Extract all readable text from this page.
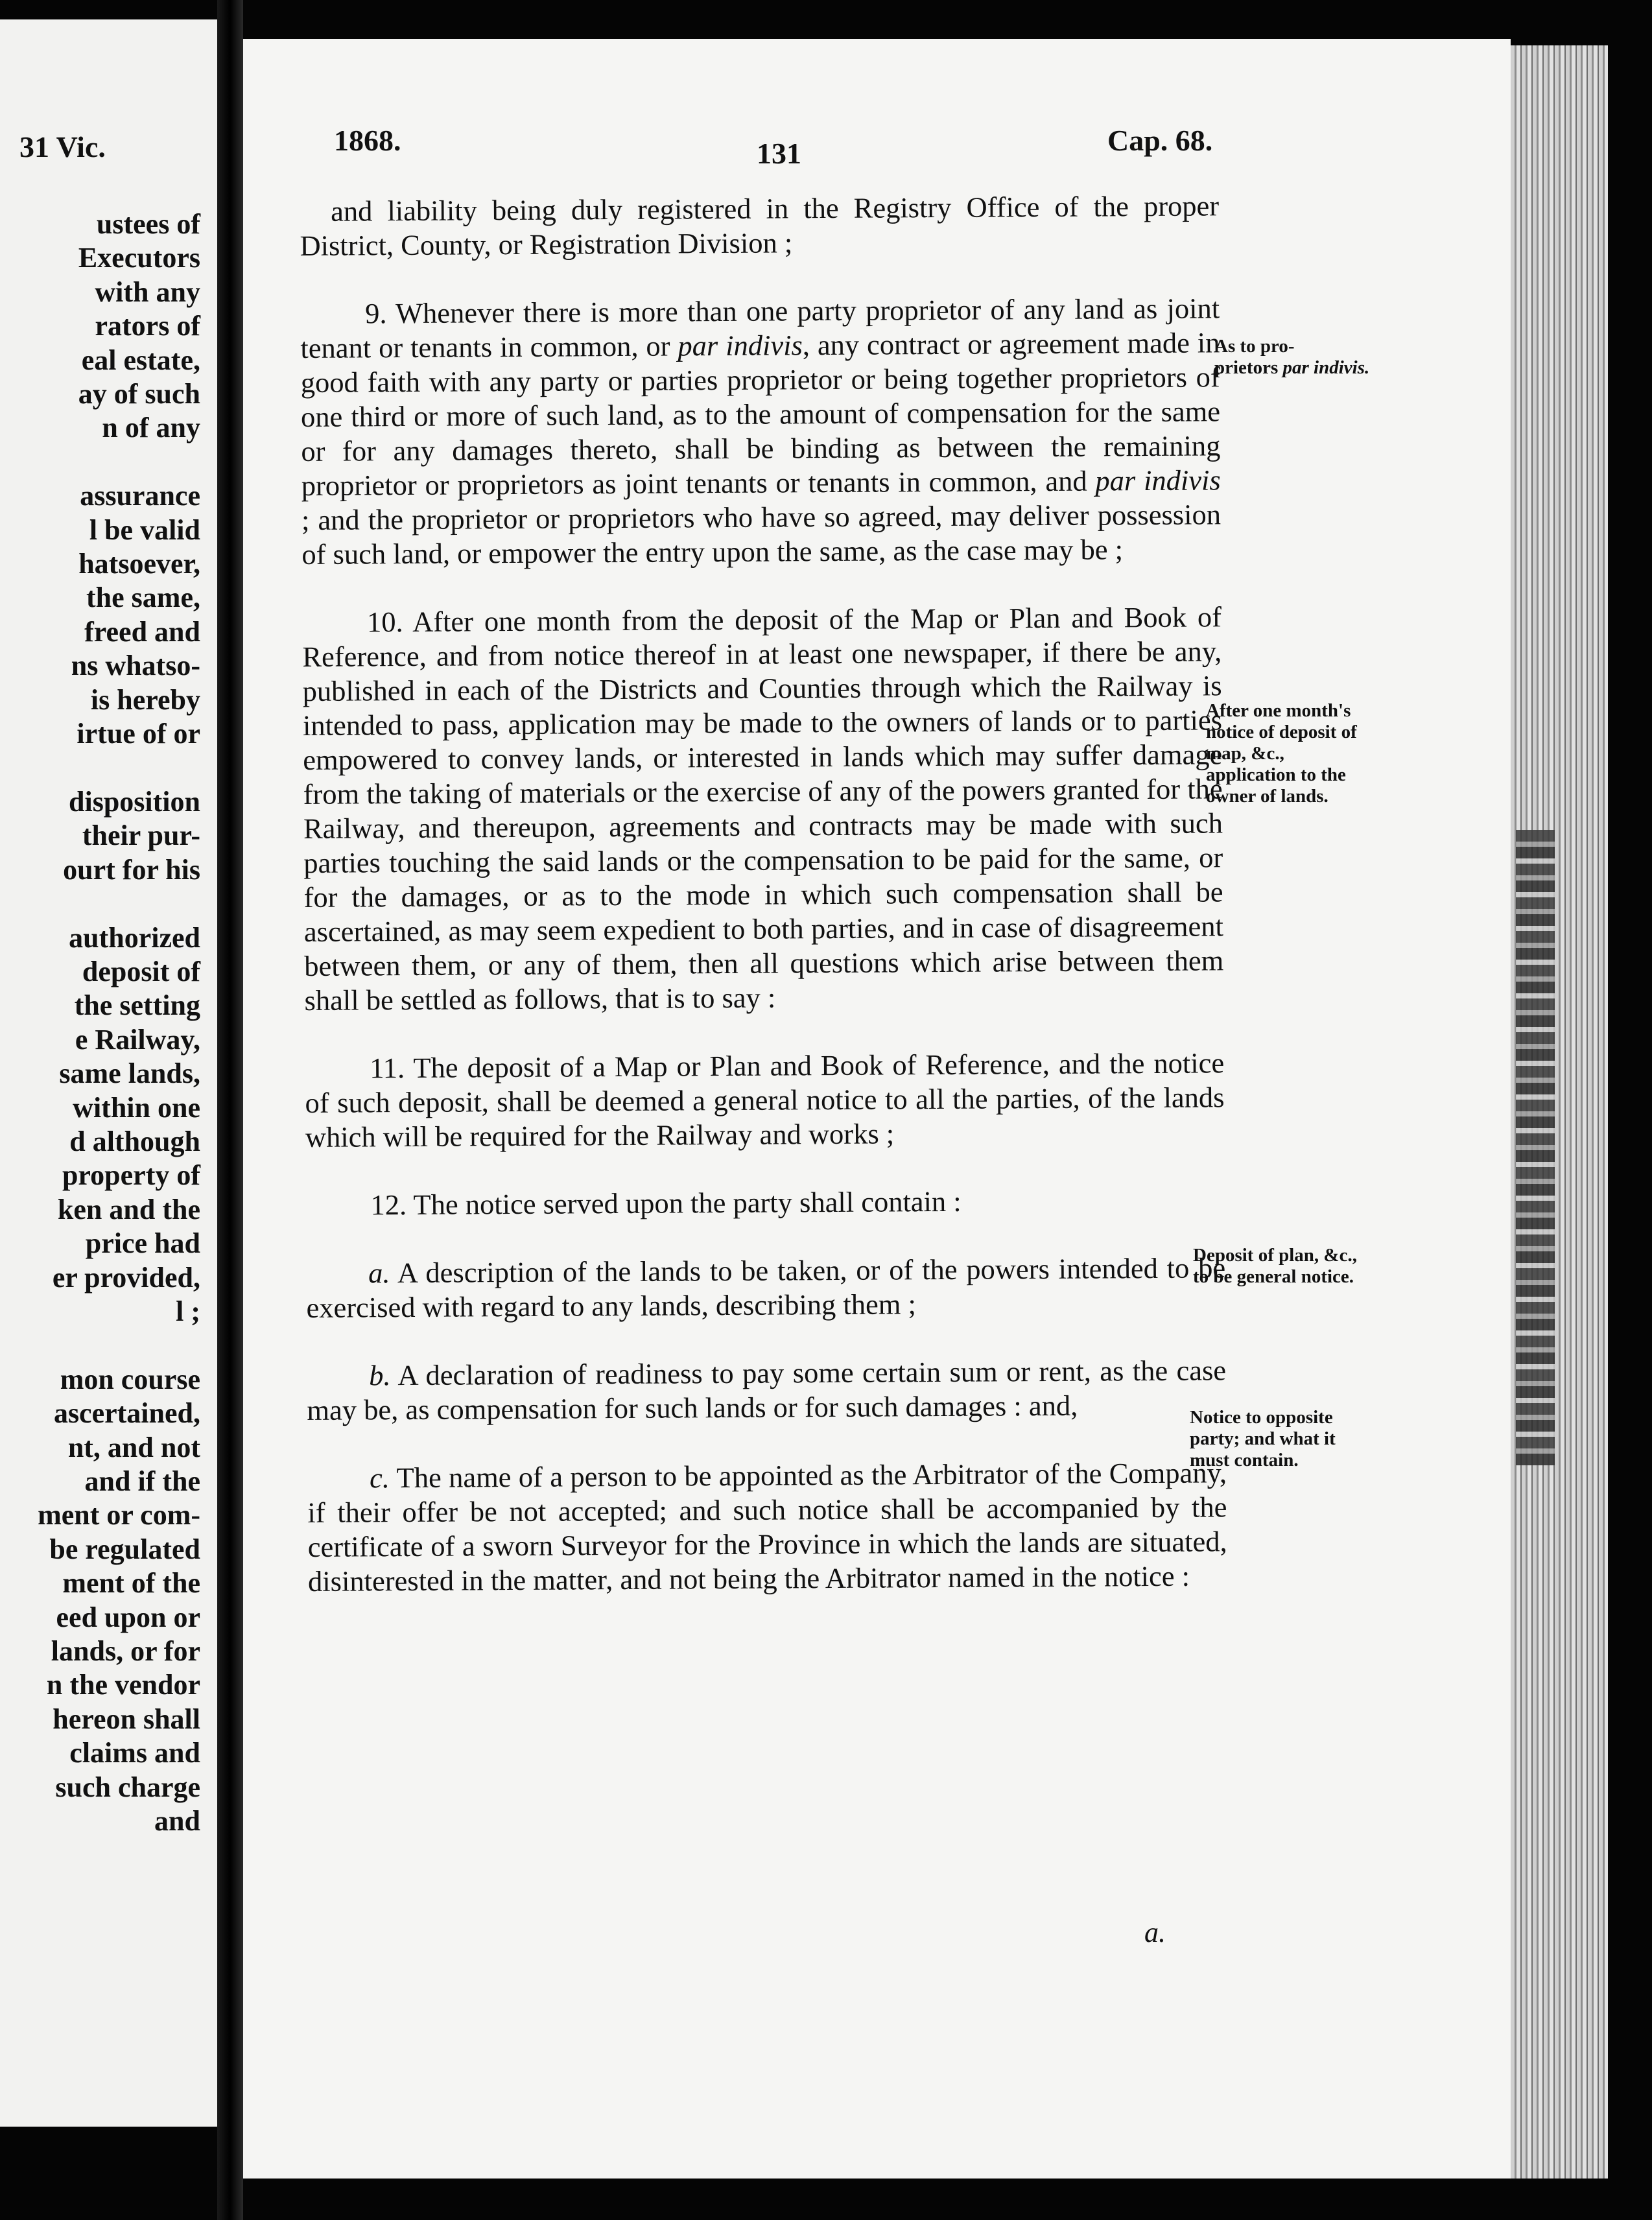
31 Vic.
ustees of
Executors
with any
rators of
eal estate,
ay of such
n of any

assurance
l be valid
hatsoever,
the same,
freed and
ns whatso-
is hereby
irtue of or

disposition
their pur-
ourt for his

authorized
deposit of
the setting
e Railway,
same lands,
within one
d although
property of
ken and the
price had
er provided,
l ;

mon course
ascertained,
nt, and not
and if the
ment or com-
be regulated
ment of the
eed upon or
lands, or for
n the vendor
hereon shall
claims and
such charge
and
1868.	131	Cap. 68.

and liability being duly registered in the Registry Office of the proper District, County, or Registration Division ;

9. Whenever there is more than one party proprietor of any land as joint tenant or tenants in common, or par indivis, any contract or agreement made in good faith with any party or parties proprietor or being together proprietors of one third or more of such land, as to the amount of compensation for the same or for any damages thereto, shall be binding as between the remaining proprietor or proprietors as joint tenants or tenants in common, and par indivis ; and the proprietor or proprietors who have so agreed, may deliver possession of such land, or empower the entry upon the same, as the case may be ;

10. After one month from the deposit of the Map or Plan and Book of Reference, and from notice thereof in at least one newspaper, if there be any, published in each of the Districts and Counties through which the Railway is intended to pass, application may be made to the owners of lands or to parties empowered to convey lands, or interested in lands which may suffer damage from the taking of materials or the exercise of any of the powers granted for the Railway, and thereupon, agreements and contracts may be made with such parties touching the said lands or the compensation to be paid for the same, or for the damages, or as to the mode in which such compensation shall be ascertained, as may seem expedient to both parties, and in case of disagreement between them, or any of them, then all questions which arise between them shall be settled as follows, that is to say :

11. The deposit of a Map or Plan and Book of Reference, and the notice of such deposit, shall be deemed a general notice to all the parties, of the lands which will be required for the Railway and works ;

12. The notice served upon the party shall contain :

a. A description of the lands to be taken, or of the powers intended to be exercised with regard to any lands, describing them ;

b. A declaration of readiness to pay some certain sum or rent, as the case may be, as compensation for such lands or for such damages : and,

c. The name of a person to be appointed as the Arbitrator of the Company, if their offer be not accepted; and such notice shall be accompanied by the certificate of a sworn Surveyor for the Province in which the lands are situated, disinterested in the matter, and not being the Arbitrator named in the notice :

a.
As to pro-
prietors par indivis.
After one month's notice of deposit of map, &c., application to the owner of lands.
Deposit of plan, &c., to be general notice.
Notice to opposite party; and what it must contain.
